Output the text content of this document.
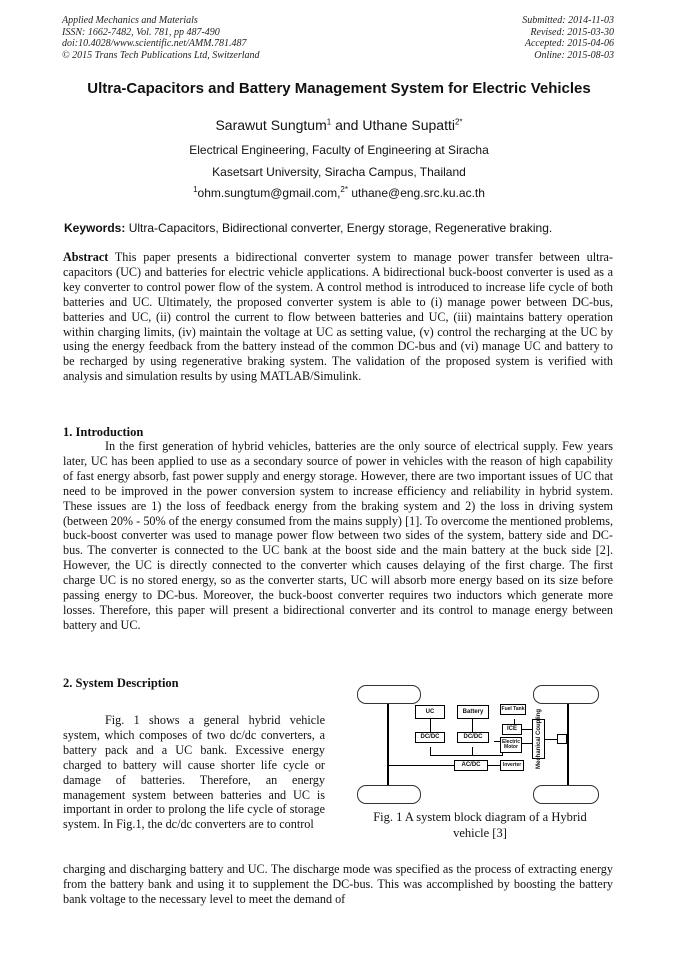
Applied Mechanics and Materials
ISSN: 1662-7482, Vol. 781, pp 487-490
doi:10.4028/www.scientific.net/AMM.781.487
© 2015 Trans Tech Publications Ltd, Switzerland
Submitted: 2014-11-03
Revised: 2015-03-30
Accepted: 2015-04-06
Online: 2015-08-03
Ultra-Capacitors and Battery Management System for Electric Vehicles
Sarawut Sungtum$^1$ and Uthane Supatti$^{2*}$
Electrical Engineering, Faculty of Engineering at Siracha
Kasetsart University, Siracha Campus, Thailand
$^1$ohm.sungtum@gmail.com,$^{2*}$ uthane@eng.src.ku.ac.th
Keywords: Ultra-Capacitors, Bidirectional converter, Energy storage, Regenerative braking.
Abstract This paper presents a bidirectional converter system to manage power transfer between ultra-capacitors (UC) and batteries for electric vehicle applications. A bidirectional buck-boost converter is used as a key converter to control power flow of the system. A control method is introduced to increase life cycle of both batteries and UC. Ultimately, the proposed converter system is able to (i) manage power between DC-bus, batteries and UC, (ii) control the current to flow between batteries and UC, (iii) maintains battery operation within charging limits, (iv) maintain the voltage at UC as setting value, (v) control the recharging at the UC by using the energy feedback from the battery instead of the common DC-bus and (vi) manage UC and battery to be recharged by using regenerative braking system. The validation of the proposed system is verified with analysis and simulation results by using MATLAB/Simulink.
1. Introduction
In the first generation of hybrid vehicles, batteries are the only source of electrical supply. Few years later, UC has been applied to use as a secondary source of power in vehicles with the reason of high capability of fast energy absorb, fast power supply and energy storage. However, there are two important issues of UC that need to be improved in the power conversion system to increase efficiency and reliability in hybrid system. These issues are 1) the loss of feedback energy from the braking system and 2) the loss in driving system (between 20% - 50% of the energy consumed from the mains supply) [1]. To overcome the mentioned problems, buck-boost converter was used to manage power flow between two sides of the system, battery side and DC-bus. The converter is connected to the UC bank at the boost side and the main battery at the buck side [2]. However, the UC is directly connected to the converter which causes delaying of the first charge. The first charge UC is no stored energy, so as the converter starts, UC will absorb more energy based on its size before passing energy to DC-bus. Moreover, the buck-boost converter requires two inductors which generate more losses. Therefore, this paper will present a bidirectional converter and its control to manage energy between battery and UC.
2. System Description
Fig. 1 shows a general hybrid vehicle system, which composes of two dc/dc converters, a battery pack and a UC bank. Excessive energy charged to battery will cause shorter life cycle or damage of batteries. Therefore, an energy management system between batteries and UC is important in order to prolong the life cycle of storage system. In Fig.1, the dc/dc converters are to control
charging and discharging battery and UC. The discharge mode was specified as the process of extracting energy from the battery bank and using it to supplement the DC-bus. This was accomplished by boosting the battery bank voltage to the necessary level to meet the demand of
UC	Battery	Fuel Tank
DC/DC	DC/DC
ICE
Electric Motor
AC/DC	Inverter	Mechanical Coupling
Fig. 1 A system block diagram of a Hybrid
vehicle [3]
